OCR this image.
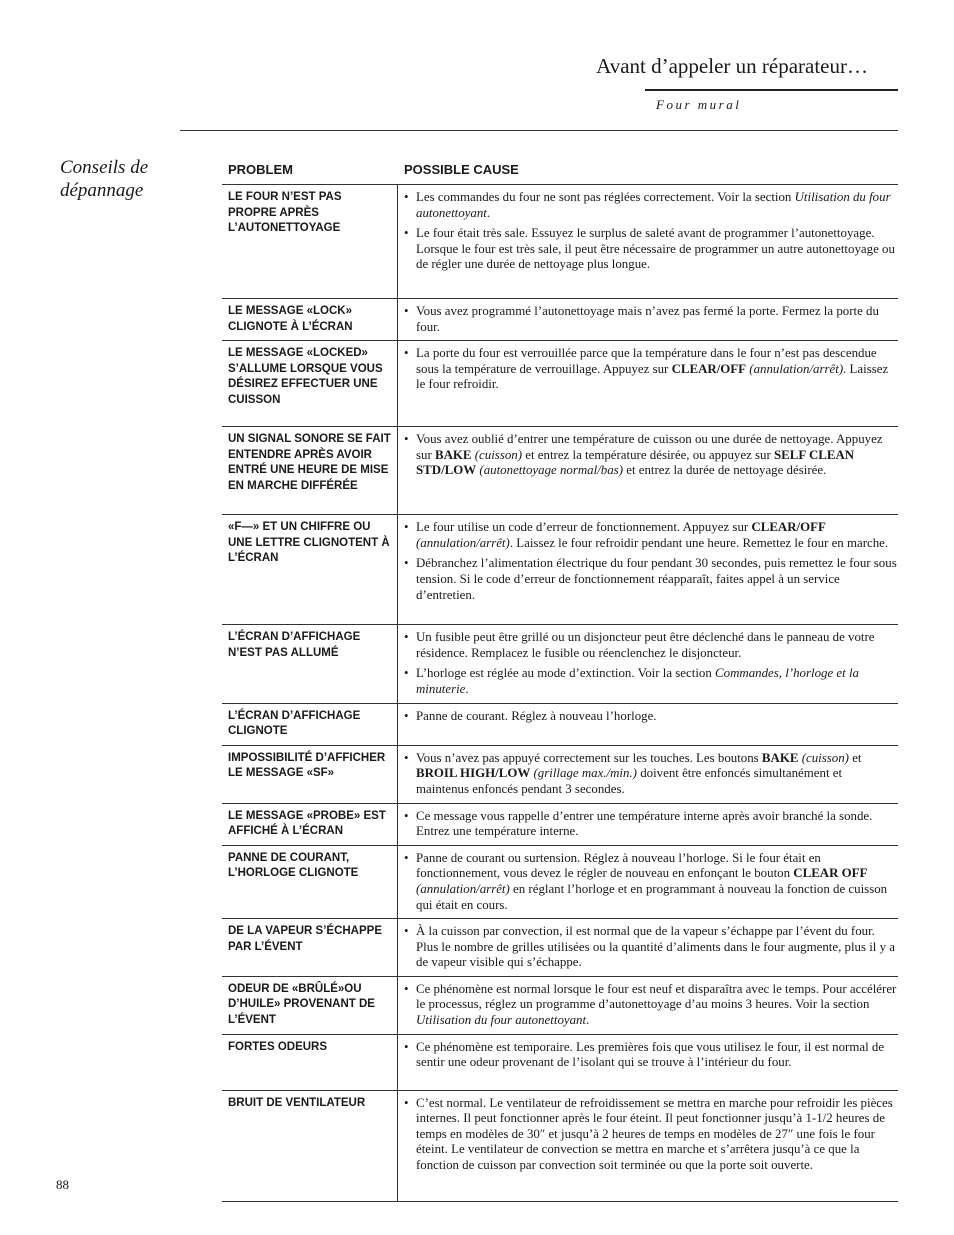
Avant d’appeler un réparateur…
Four mural
Conseils de dépannage
PROBLEM	POSSIBLE CAUSE
LE FOUR N’EST PAS PROPRE APRÈS L’AUTONETTOYAGE
• Les commandes du four ne sont pas réglées correctement. Voir la section Utilisation du four autonettoyant.
• Le four était très sale. Essuyez le surplus de saleté avant de programmer l’autonettoyage. Lorsque le four est très sale, il peut être nécessaire de programmer un autre autonettoyage ou de régler une durée de nettoyage plus longue.
LE MESSAGE «LOCK» CLIGNOTE À L’ÉCRAN
• Vous avez programmé l’autonettoyage mais n’avez pas fermé la porte. Fermez la porte du four.
LE MESSAGE «LOCKED» S’ALLUME LORSQUE VOUS DÉSIREZ EFFECTUER UNE CUISSON
• La porte du four est verrouillée parce que la température dans le four n’est pas descendue sous la température de verrouillage. Appuyez sur CLEAR/OFF (annulation/arrêt). Laissez le four refroidir.
UN SIGNAL SONORE SE FAIT ENTENDRE APRÈS AVOIR ENTRÉ UNE HEURE DE MISE EN MARCHE DIFFÉRÉE
• Vous avez oublié d’entrer une température de cuisson ou une durée de nettoyage. Appuyez sur BAKE (cuisson) et entrez la température désirée, ou appuyez sur SELF CLEAN STD/LOW (autonettoyage normal/bas) et entrez la durée de nettoyage désirée.
«F—» ET UN CHIFFRE OU UNE LETTRE CLIGNOTENT À L’ÉCRAN
• Le four utilise un code d’erreur de fonctionnement. Appuyez sur CLEAR/OFF (annulation/arrêt). Laissez le four refroidir pendant une heure. Remettez le four en marche.
• Débranchez l’alimentation électrique du four pendant 30 secondes, puis remettez le four sous tension. Si le code d’erreur de fonctionnement réapparaît, faites appel à un service d’entretien.
L’ÉCRAN D’AFFICHAGE N’EST PAS ALLUMÉ
• Un fusible peut être grillé ou un disjoncteur peut être déclenché dans le panneau de votre résidence. Remplacez le fusible ou réenclenchez le disjoncteur.
• L’horloge est réglée au mode d’extinction. Voir la section Commandes, l’horloge et la minuterie.
L’ÉCRAN D’AFFICHAGE CLIGNOTE
• Panne de courant. Réglez à nouveau l’horloge.
IMPOSSIBILITÉ D’AFFICHER LE MESSAGE «SF»
• Vous n’avez pas appuyé correctement sur les touches. Les boutons BAKE (cuisson) et BROIL HIGH/LOW (grillage max./min.) doivent être enfoncés simultanément et maintenus enfoncés pendant 3 secondes.
LE MESSAGE «PROBE» EST AFFICHÉ À L’ÉCRAN
• Ce message vous rappelle d’entrer une température interne après avoir branché la sonde. Entrez une température interne.
PANNE DE COURANT, L’HORLOGE CLIGNOTE
• Panne de courant ou surtension. Réglez à nouveau l’horloge. Si le four était en fonctionnement, vous devez le régler de nouveau en enfonçant le bouton CLEAR OFF (annulation/arrêt) en réglant l’horloge et en programmant à nouveau la fonction de cuisson qui était en cours.
DE LA VAPEUR S’ÉCHAPPE PAR L’ÉVENT
• À la cuisson par convection, il est normal que de la vapeur s’échappe par l’évent du four. Plus le nombre de grilles utilisées ou la quantité d’aliments dans le four augmente, plus il y a de vapeur visible qui s’échappe.
ODEUR DE «BRÛLÉ»OU D’HUILE» PROVENANT DE L’ÉVENT
• Ce phénomène est normal lorsque le four est neuf et disparaîtra avec le temps. Pour accélérer le processus, réglez un programme d’autonettoyage d’au moins 3 heures. Voir la section Utilisation du four autonettoyant.
FORTES ODEURS	• Ce phénomène est temporaire. Les premières fois que vous utilisez le four, il est normal de sentir une odeur provenant de l’isolant qui se trouve à l’intérieur du four.
BRUIT DE VENTILATEUR	• C’est normal. Le ventilateur de refroidissement se mettra en marche pour refroidir les pièces internes. Il peut fonctionner après le four éteint. Il peut fonctionner jusqu’à 1-1/2 heures de temps en modèles de 30″ et jusqu’à 2 heures de temps en modèles de 27″ une fois le four éteint. Le ventilateur de convection se mettra en marche et s’arrêtera jusqu’à ce que la fonction de cuisson par convection soit terminée ou que la porte soit ouverte.
88
